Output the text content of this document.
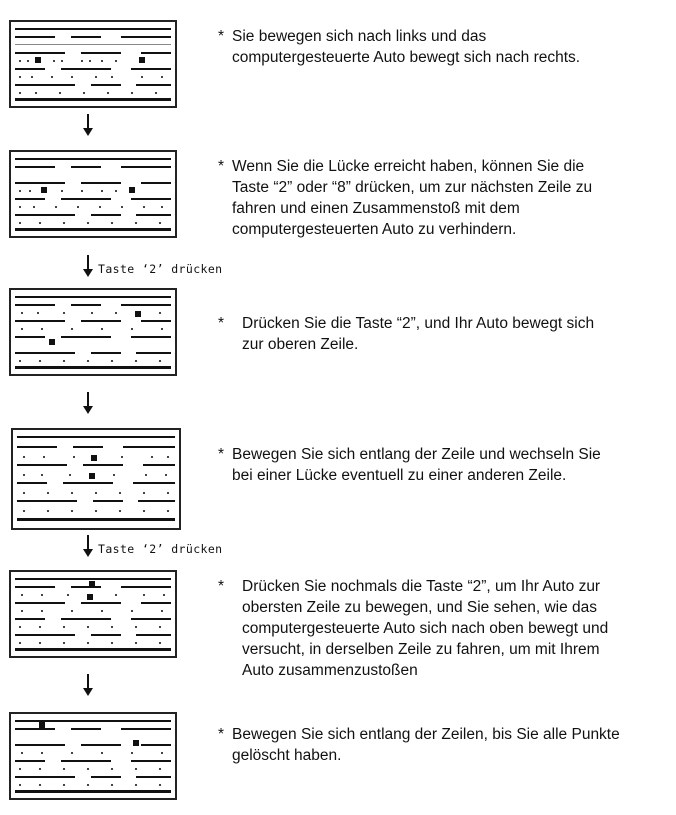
* Sie bewegen sich nach links und das
computergesteuerte Auto bewegt sich nach rechts.
* Wenn Sie die Lücke erreicht haben, können Sie die
Taste “2” oder “8” drücken, um zur nächsten Zeile zu
fahren und einen Zusammenstoß mit dem
computergesteuerten Auto zu verhindern.
Taste ‘2’ drücken
*	Drücken Sie die Taste “2”, und Ihr Auto bewegt sich
zur oberen Zeile.
* Bewegen Sie sich entlang der Zeile und wechseln Sie
bei einer Lücke eventuell zu einer anderen Zeile.
Taste ‘2’ drücken
*	Drücken Sie nochmals die Taste “2”, um Ihr Auto zur
obersten Zeile zu bewegen, und Sie sehen, wie das
computergesteuerte Auto sich nach oben bewegt und
versucht, in derselben Zeile zu fahren, um mit Ihrem
Auto zusammenzustoßen
* Bewegen Sie sich entlang der Zeilen, bis Sie alle Punkte
gelöscht haben.
